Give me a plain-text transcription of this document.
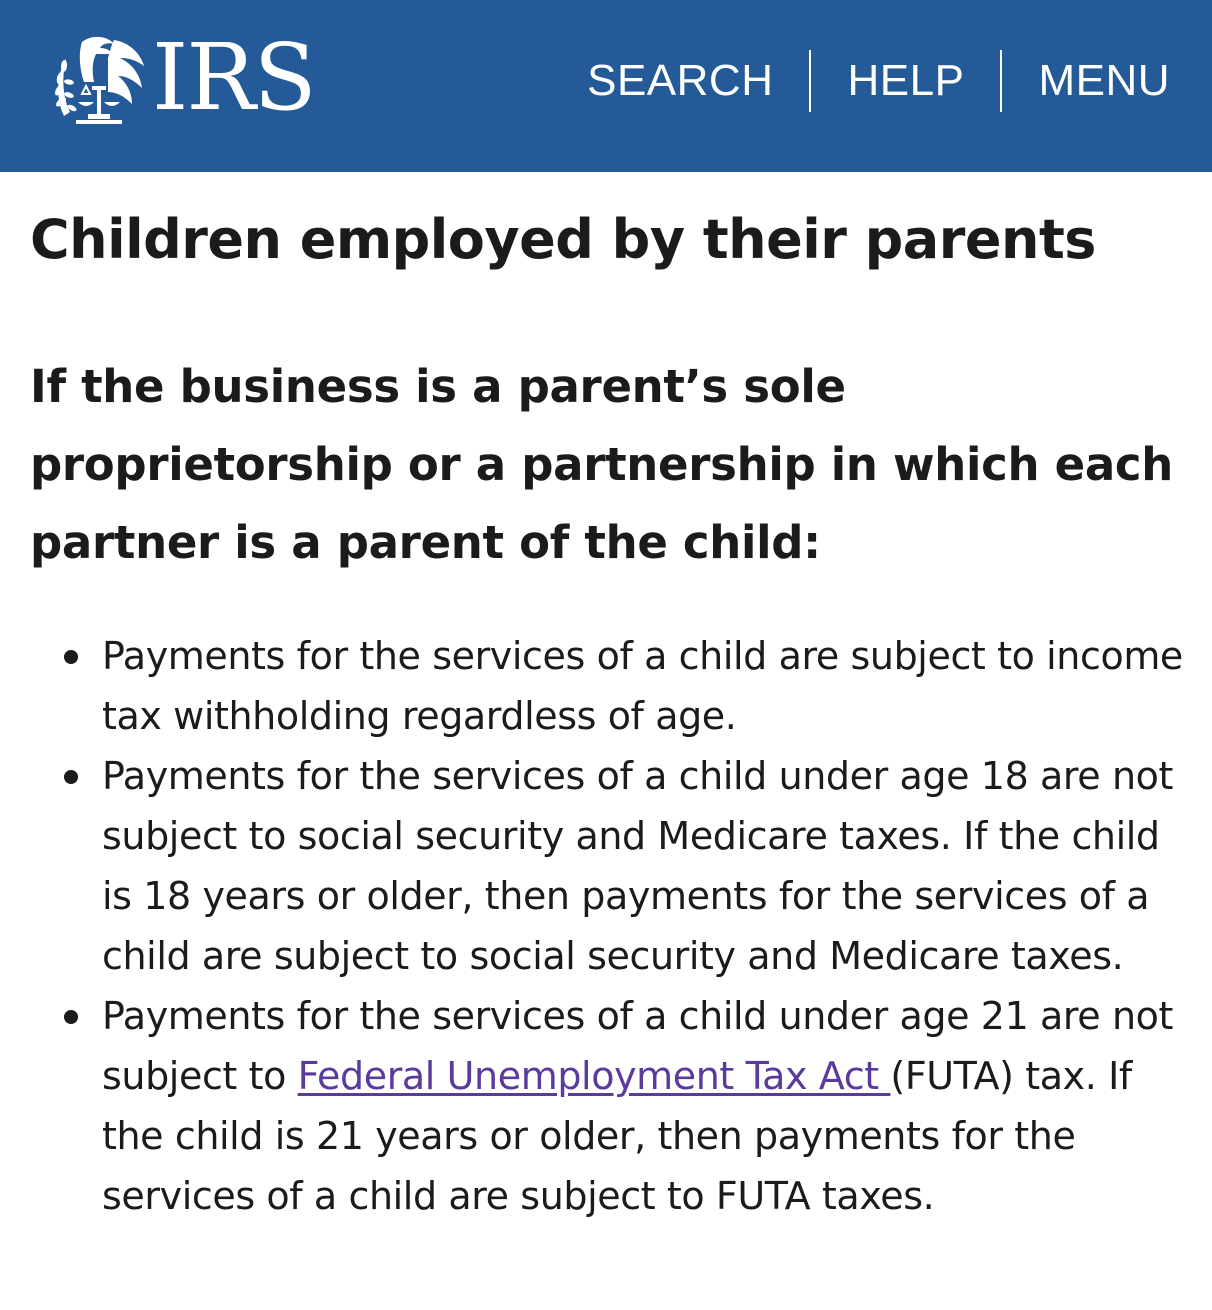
IRS	SEARCH	HELP	MENU
Children employed by their parents
If the business is a parent’s sole proprietorship or a partnership in which each partner is a parent of the child:
Payments for the services of a child are subject to income tax withholding regardless of age.
Payments for the services of a child under age 18 are not subject to social security and Medicare taxes. If the child is 18 years or older, then payments for the services of a child are subject to social security and Medicare taxes.
Payments for the services of a child under age 21 are not subject to Federal Unemployment Tax Act (FUTA) tax. If the child is 21 years or older, then payments for the services of a child are subject to FUTA taxes.
